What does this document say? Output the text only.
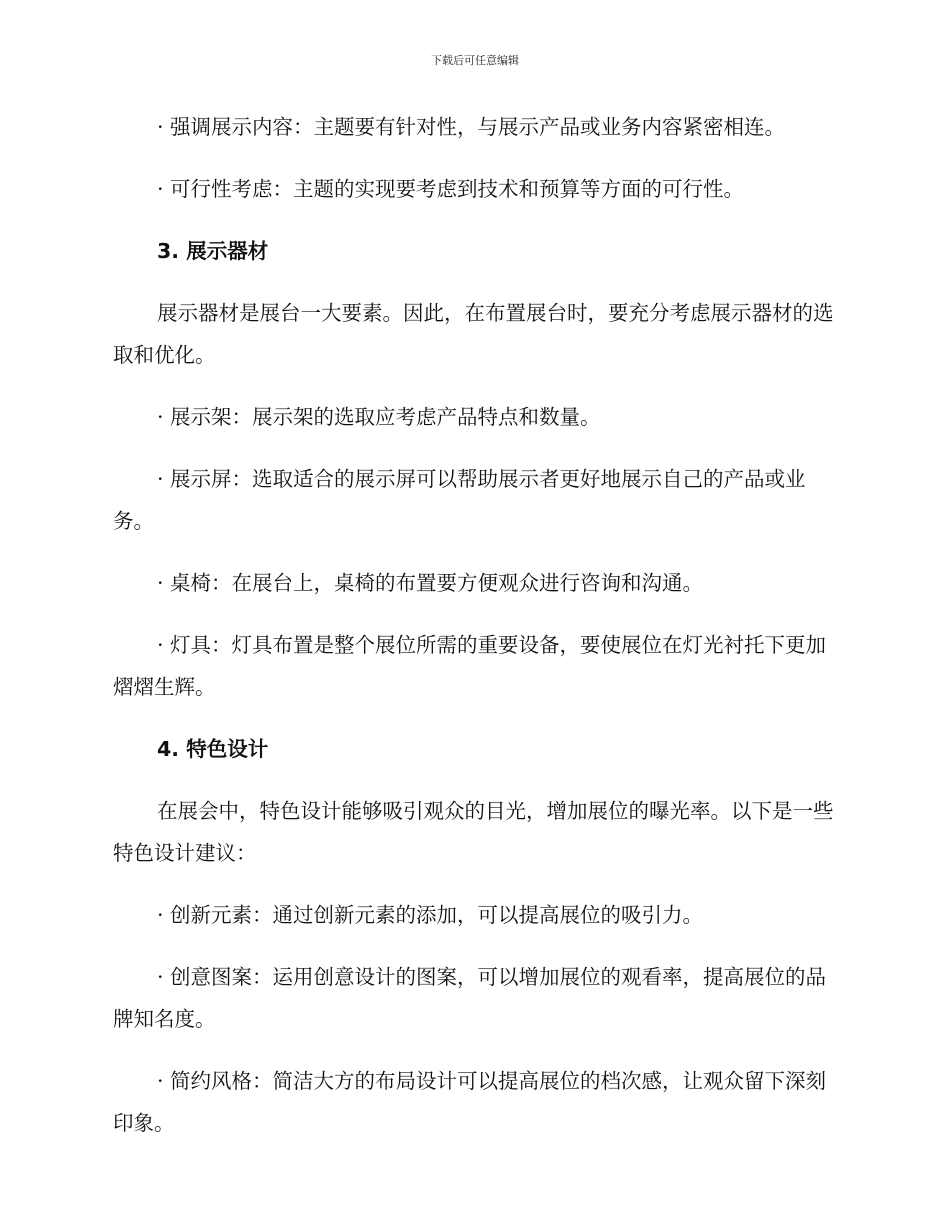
下载后可任意编辑

· 强调展示内容：主题要有针对性，与展示产品或业务内容紧密相连。

· 可行性考虑：主题的实现要考虑到技术和预算等方面的可行性。

3. 展示器材

展示器材是展台一大要素。因此，在布置展台时，要充分考虑展示器材的选取和优化。

· 展示架：展示架的选取应考虑产品特点和数量。

· 展示屏：选取适合的展示屏可以帮助展示者更好地展示自己的产品或业务。

· 桌椅：在展台上，桌椅的布置要方便观众进行咨询和沟通。

· 灯具：灯具布置是整个展位所需的重要设备，要使展位在灯光衬托下更加熠熠生辉。

4. 特色设计

在展会中，特色设计能够吸引观众的目光，增加展位的曝光率。以下是一些特色设计建议：

· 创新元素：通过创新元素的添加，可以提高展位的吸引力。

· 创意图案：运用创意设计的图案，可以增加展位的观看率，提高展位的品牌知名度。

· 简约风格：简洁大方的布局设计可以提高展位的档次感，让观众留下深刻印象。
